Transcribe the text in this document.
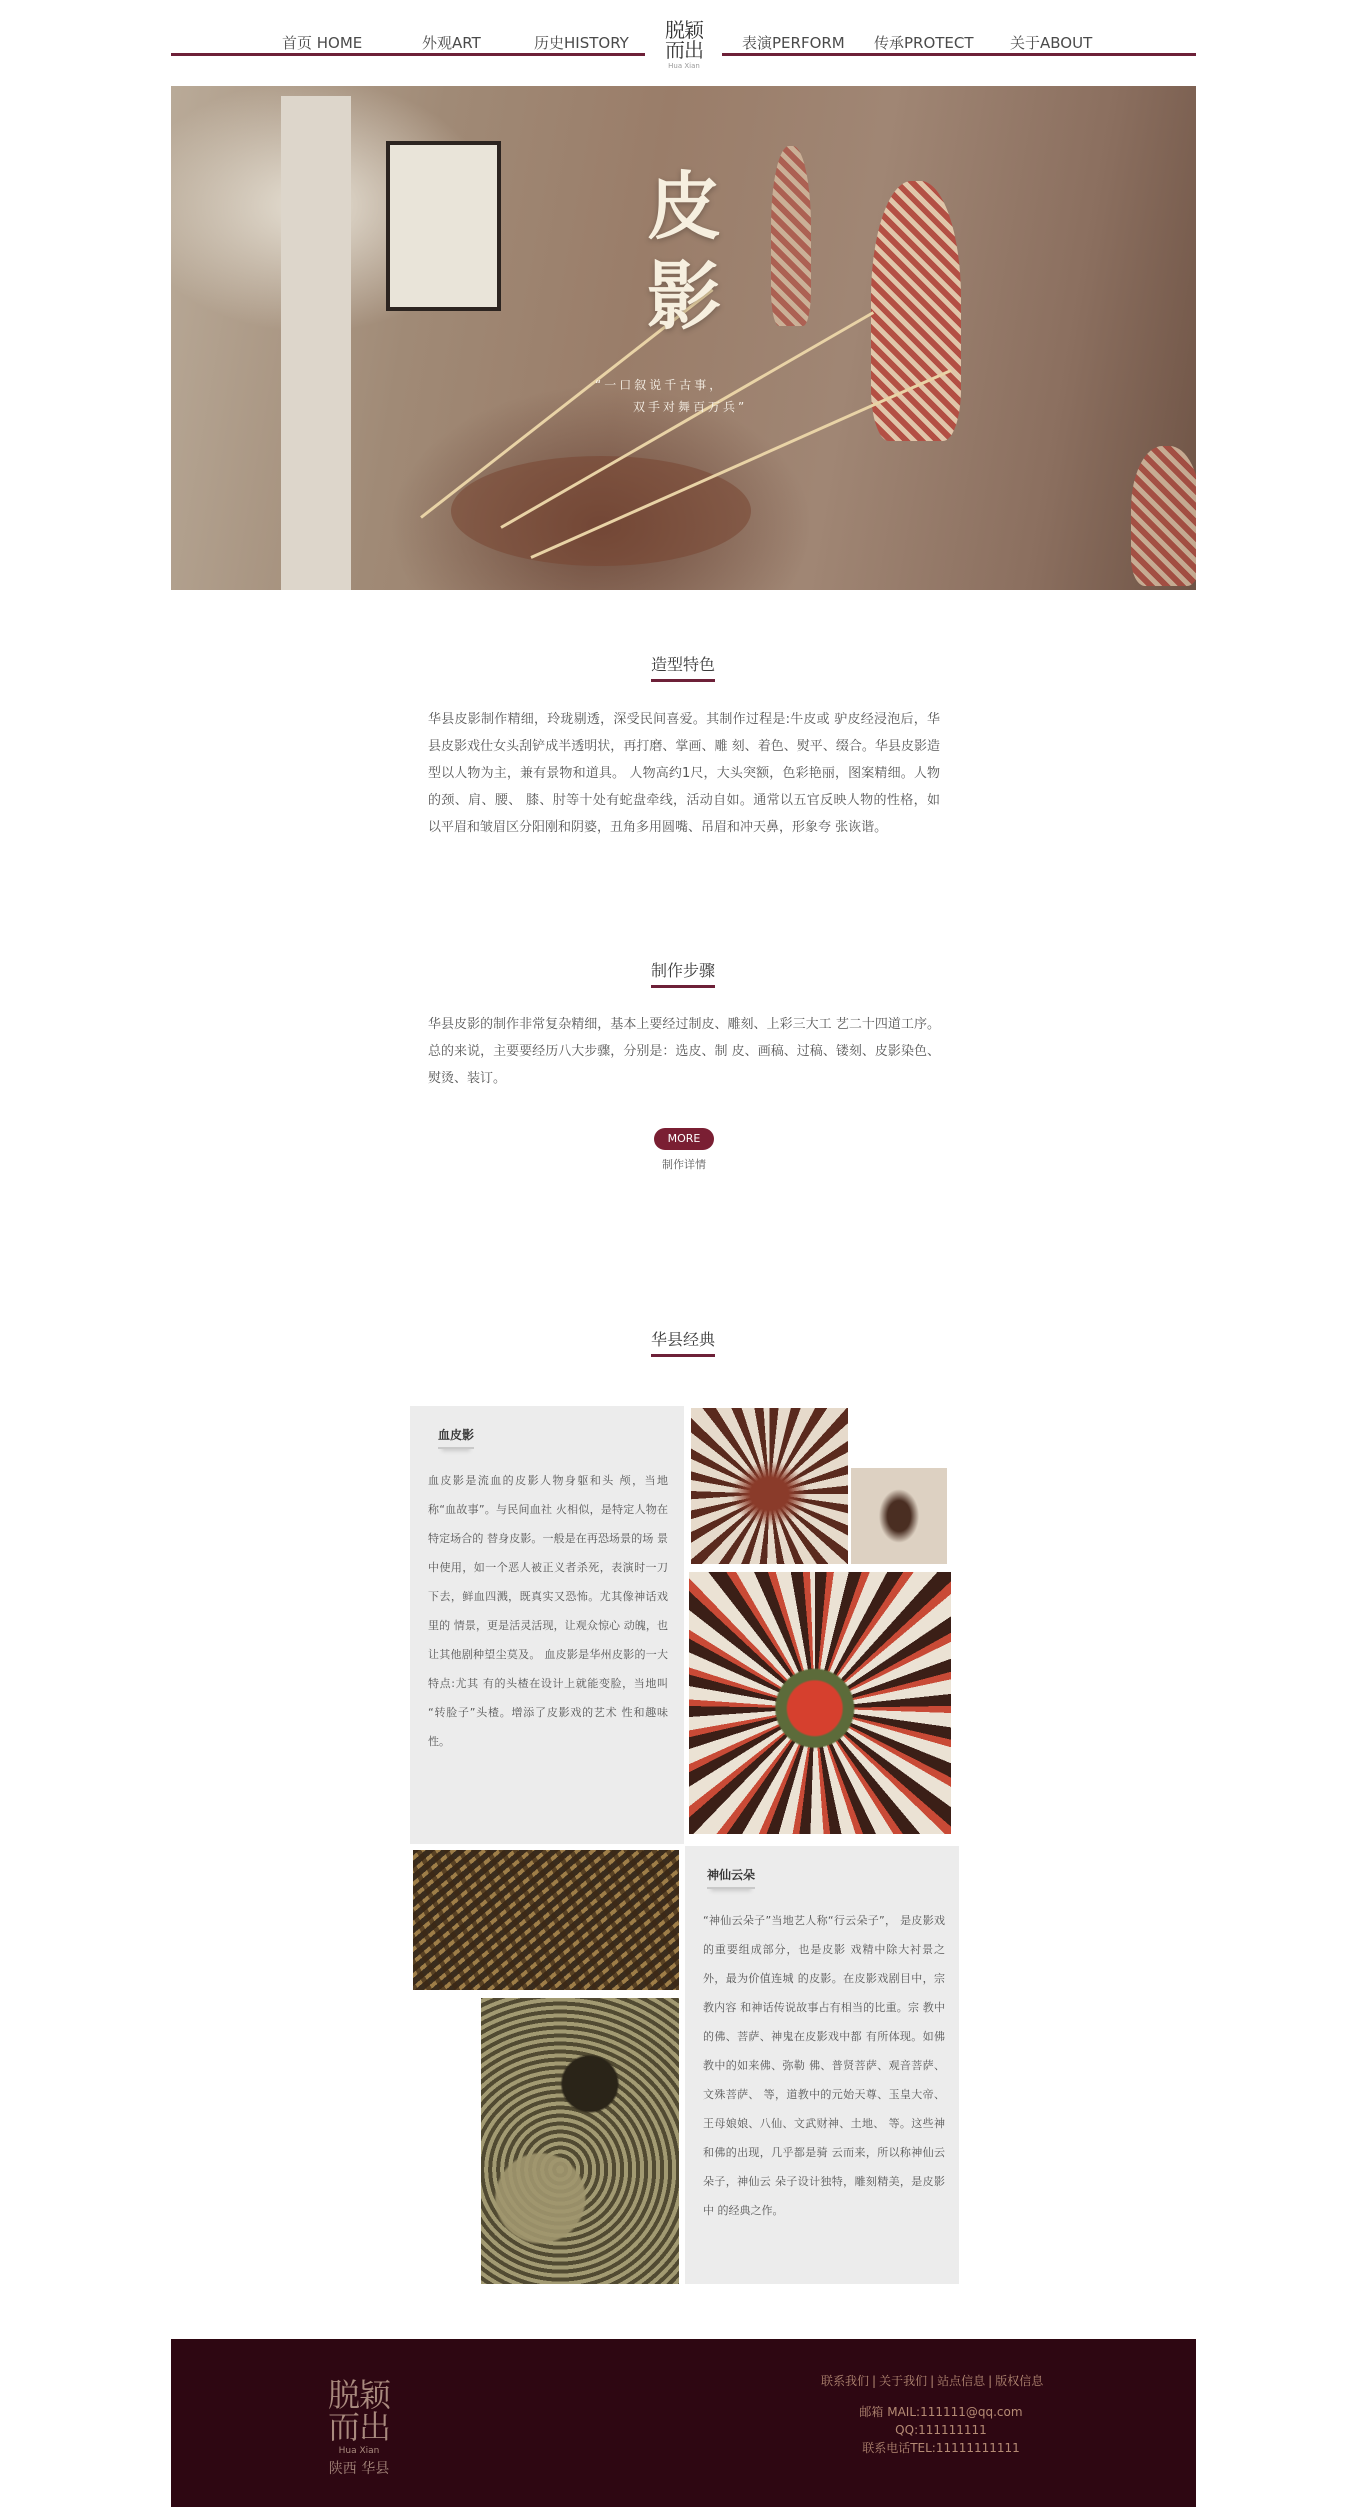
首页 HOME	外观ART	历史HISTORY
脱颖而出
Hua Xian
表演PERFORM 传承PROTECT 关于ABOUT
皮
影
“一口叙说千古事，
双手对舞百万兵”
造型特色
华县皮影制作精细，玲珑剔透，深受民间喜爱。其制作过程是:牛皮或 驴皮经浸泡后，华县皮影戏仕女头刮铲成半透明状，再打磨、掌画、雕 刻、着色、熨平、缀合。华县皮影造型以人物为主，兼有景物和道具。 人物高约1尺，大头突额，色彩艳丽，图案精细。人物的颈、肩、腰、 膝、肘等十处有蛇盘牵线，活动自如。通常以五官反映人物的性格，如 以平眉和皱眉区分阳刚和阴婆，丑角多用圆嘴、吊眉和冲天鼻，形象夸 张诙谐。
制作步骤
华县皮影的制作非常复杂精细，基本上要经过制皮、雕刻、上彩三大工 艺二十四道工序。总的来说，主要要经历八大步骤，分别是：选皮、制 皮、画稿、过稿、镂刻、皮影染色、熨烫、装订。
MORE
制作详情
华县经典
血皮影
血皮影是流血的皮影人物身躯和头 颅，当地称“血故事”。与民间血社 火相似，是特定人物在特定场合的 替身皮影。一般是在再恐场景的场 景中使用，如一个恶人被正义者杀死，表演时一刀下去，鲜血四溅，既真实又恐怖。尤其像神话戏里的 情景，更是活灵活现，让观众惊心 动魄，也让其他剧种望尘莫及。 血皮影是华州皮影的一大特点:尤其 有的头楂在设计上就能变脸，当地叫 “转脸子”头楂。增添了皮影戏的艺术 性和趣味性。
神仙云朵
“神仙云朵子”当地艺人称“行云朵子”， 是皮影戏的重要组成部分，也是皮影 戏精中除大衬景之外，最为价值连城 的皮影。在皮影戏剧目中，宗教内容 和神话传说故事占有相当的比重。宗 教中的佛、菩萨、神鬼在皮影戏中都 有所体现。如佛教中的如来佛、弥勒 佛、普贤菩萨、观音菩萨、文殊菩萨、 等，道教中的元始天尊、玉皇大帝、 王母娘娘、八仙、文武财神、土地、 等。这些神和佛的出现，几乎都是骑 云而来，所以称神仙云朵子，神仙云 朵子设计独特，雕刻精美，是皮影中 的经典之作。
脱颖而出
Hua Xian
陕西 华县
联系我们 | 关于我们 | 站点信息 | 版权信息
邮箱 MAIL:111111@qq.com
QQ:111111111
联系电话TEL:11111111111
